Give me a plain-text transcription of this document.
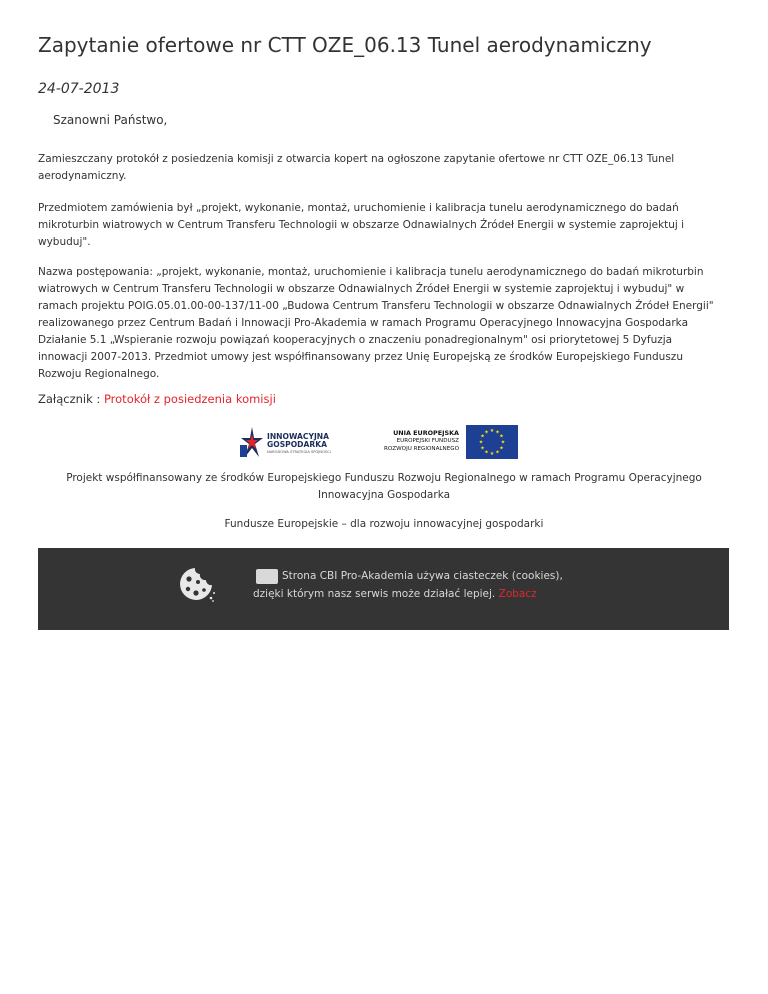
Zapytanie ofertowe nr CTT OZE_06.13 Tunel aerodynamiczny
24-07-2013
Szanowni Państwo,

Zamieszczany protokół z posiedzenia komisji z otwarcia kopert na ogłoszone zapytanie ofertowe nr CTT OZE_06.13 Tunel aerodynamiczny.

Przedmiotem zamówienia był „projekt, wykonanie, montaż, uruchomienie i kalibracja tunelu aerodynamicznego do badań mikroturbin wiatrowych w Centrum Transferu Technologii w obszarze Odnawialnych Źródeł Energii w systemie zaprojektuj i wybuduj".

Nazwa postępowania: „projekt, wykonanie, montaż, uruchomienie i kalibracja tunelu aerodynamicznego do badań mikroturbin wiatrowych w Centrum Transferu Technologii w obszarze Odnawialnych Źródeł Energii w systemie zaprojektuj i wybuduj" w ramach projektu POIG.05.01.00-00-137/11-00 „Budowa Centrum Transferu Technologii w obszarze Odnawialnych Źródeł Energii" realizowanego przez Centrum Badań i Innowacji Pro-Akademia w ramach Programu Operacyjnego Innowacyjna Gospodarka Działanie 5.1 „Wspieranie rozwoju powiązań kooperacyjnych o znaczeniu ponadregionalnym" osi priorytetowej 5 Dyfuzja innowacji 2007-2013. Przedmiot umowy jest współfinansowany przez Unię Europejską ze środków Europejskiego Funduszu Rozwoju Regionalnego.

Załącznik : Protokół z posiedzenia komisji
INNOWACYJNA
GOSPODARKA
NARODOWA STRATEGIA SPÓJNOŚCI
UNIA EUROPEJSKA
EUROPEJSKI FUNDUSZ
ROZWOJU REGIONALNEGO
★ ★
★
★
★
★
★
★
★
★
★
★

Projekt współfinansowany ze środków Europejskiego Funduszu Rozwoju Regionalnego w ramach Programu Operacyjnego Innowacyjna Gospodarka

Fundusze Europejskie – dla rozwoju innowacyjnej gospodarki

Strona CBI Pro-Akademia używa ciasteczek (cookies),
dzięki którym nasz serwis może działać lepiej. Zobacz
